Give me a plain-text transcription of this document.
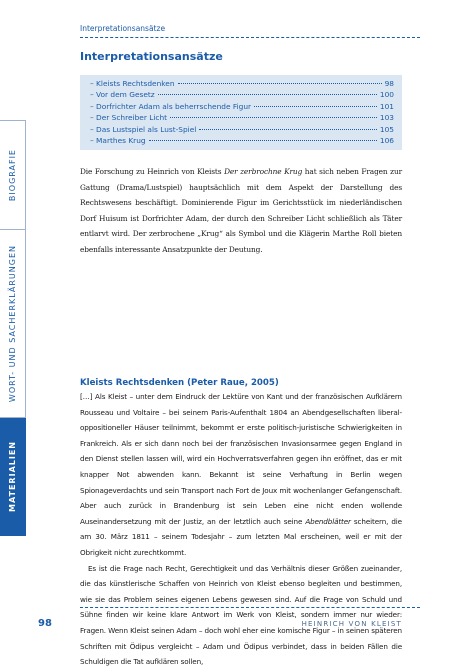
BIOGRAFIE
WORT- UND SACHERKLÄRUNGEN
MATERIALIEN
Interpretationsansätze
Interpretationsansätze
– Kleists Rechtsdenken	98
– Vor dem Gesetz	100
– Dorfrichter Adam als beherrschende Figur	101
– Der Schreiber Licht	103
– Das Lustspiel als Lust-Spiel	105
– Marthes Krug	106

Die Forschung zu Heinrich von Kleists Der zerbrochne Krug hat sich neben Fragen zur Gattung (Drama/Lustspiel) hauptsächlich mit dem Aspekt der Darstellung des Rechtswesens beschäftigt. Dominierende Figur im Gerichtsstück im niederländischen Dorf Huisum ist Dorfrichter Adam, der durch den Schreiber Licht schließlich als Täter entlarvt wird. Der zerbrochene „Krug“ als Symbol und die Klägerin Marthe Roll bieten ebenfalls interessante Ansatzpunkte der Deutung.

Kleists Rechtsdenken (Peter Raue, 2005)

[…] Als Kleist – unter dem Eindruck der Lektüre von Kant und der französischen Aufklärern Rousseau und Voltaire – bei seinem Paris-Aufenthalt 1804 an Abendgesellschaften liberal-oppositioneller Häuser teilnimmt, bekommt er erste politisch-juristische Schwierigkeiten in Frankreich. Als er sich dann noch bei der französischen Invasionsarmee gegen England in den Dienst stellen lassen will, wird ein Hochverratsverfahren gegen ihn eröffnet, das er mit knapper Not abwenden kann. Bekannt ist seine Verhaftung in Berlin wegen Spionageverdachts und sein Transport nach Fort de Joux mit wochenlanger Gefangenschaft. Aber auch zurück in Brandenburg ist sein Leben eine nicht enden wollende Auseinandersetzung mit der Justiz, an der letztlich auch seine Abendblätter scheitern, die am 30. März 1811 – seinem Todesjahr – zum letzten Mal erscheinen, weil er mit der Obrigkeit nicht zurechtkommt.

Es ist die Frage nach Recht, Gerechtigkeit und das Verhältnis dieser Größen zueinander, die das künstlerische Schaffen von Heinrich von Kleist ebenso begleiten und bestimmen, wie sie das Problem seines eigenen Lebens gewesen sind. Auf die Frage von Schuld und Sühne finden wir keine klare Antwort im Werk von Kleist, sondern immer nur wieder: Fragen. Wenn Kleist seinen Adam – doch wohl eher eine komische Figur – in seinen späteren Schriften mit Ödipus vergleicht – Adam und Ödipus verbindet, dass in beiden Fällen die Schuldigen die Tat aufklären sollen,

98	HEINRICH VON KLEIST
